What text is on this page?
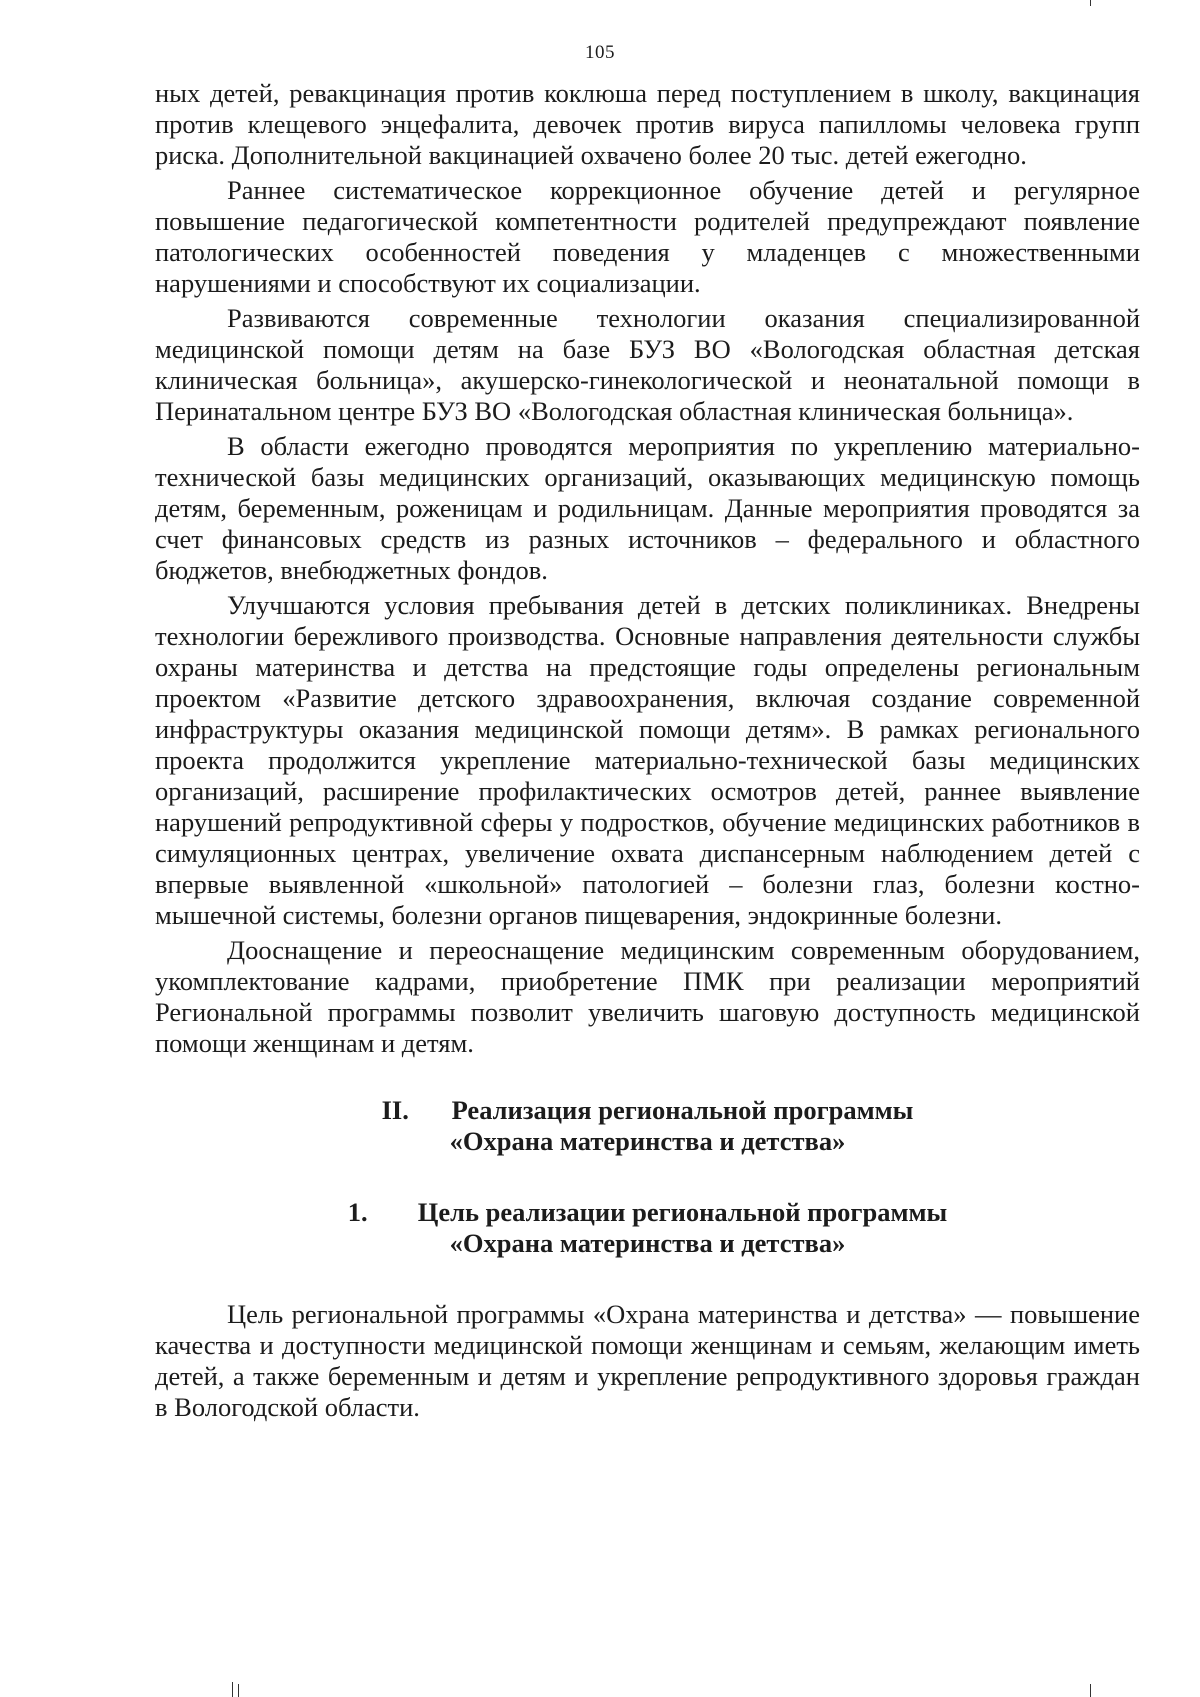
105

ных детей, ревакцинация против коклюша перед поступлением в школу, вакцинация против клещевого энцефалита, девочек против вируса папилломы человека групп риска. Дополнительной вакцинацией охвачено более 20 тыс. детей ежегодно.

Раннее систематическое коррекционное обучение детей и регулярное повышение педагогической компетентности родителей предупреждают появление патологических особенностей поведения у младенцев с множественными нарушениями и способствуют их социализации.

Развиваются современные технологии оказания специализированной медицинской помощи детям на базе БУЗ ВО «Вологодская областная детская клиническая больница», акушерско-гинекологической и неонатальной помощи в Перинатальном центре БУЗ ВО «Вологодская областная клиническая больница».

В области ежегодно проводятся мероприятия по укреплению материально-технической базы медицинских организаций, оказывающих медицинскую помощь детям, беременным, роженицам и родильницам. Данные мероприятия проводятся за счет финансовых средств из разных источников – федерального и областного бюджетов, внебюджетных фондов.

Улучшаются условия пребывания детей в детских поликлиниках. Внедрены технологии бережливого производства. Основные направления деятельности службы охраны материнства и детства на предстоящие годы определены региональным проектом «Развитие детского здравоохранения, включая создание современной инфраструктуры оказания медицинской помощи детям». В рамках регионального проекта продолжится укрепление материально-технической базы медицинских организаций, расширение профилактических осмотров детей, раннее выявление нарушений репродуктивной сферы у подростков, обучение медицинских работников в симуляционных центрах, увеличение охвата диспансерным наблюдением детей с впервые выявленной «школьной» патологией – болезни глаз, болезни костно-мышечной системы, болезни органов пищеварения, эндокринные болезни.

Дооснащение и переоснащение медицинским современным оборудованием, укомплектование кадрами, приобретение ПМК при реализации мероприятий Региональной программы позволит увеличить шаговую доступность медицинской помощи женщинам и детям.

II. Реализация региональной программы
«Охрана материнства и детства»
1. Цель реализации региональной программы
«Охрана материнства и детства»

Цель региональной программы «Охрана материнства и детства» — повышение качества и доступности медицинской помощи женщинам и семьям, желающим иметь детей, а также беременным и детям и укрепление репродуктивного здоровья граждан в Вологодской области.
